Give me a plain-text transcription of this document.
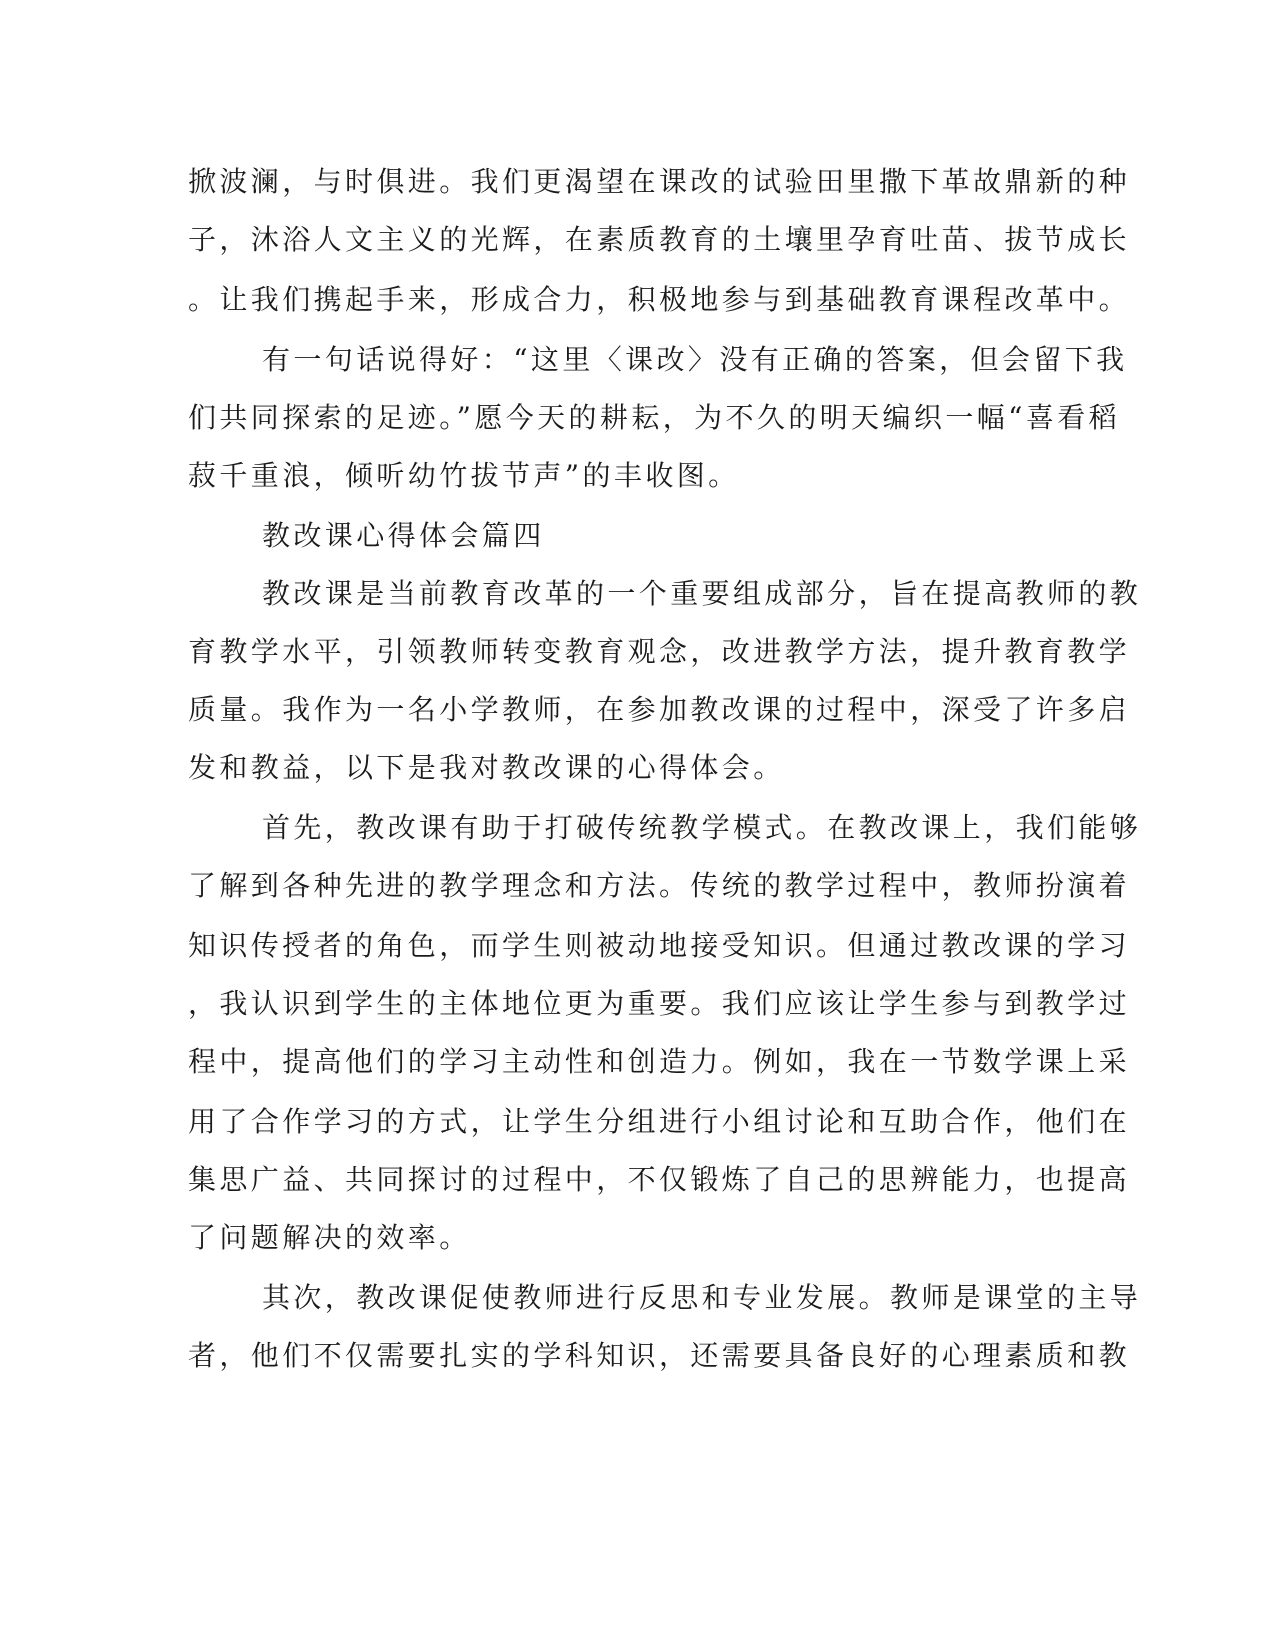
掀波澜，与时俱进。我们更渴望在课改的试验田里撒下革故鼎新的种
子，沐浴人文主义的光辉，在素质教育的土壤里孕育吐苗、拔节成长
。让我们携起手来，形成合力，积极地参与到基础教育课程改革中。
有一句话说得好：“这里〈课改〉没有正确的答案，但会留下我
们共同探索的足迹。”愿今天的耕耘，为不久的明天编织一幅“喜看稻
菽千重浪，倾听幼竹拔节声”的丰收图。
教改课心得体会篇四
教改课是当前教育改革的一个重要组成部分，旨在提高教师的教
育教学水平，引领教师转变教育观念，改进教学方法，提升教育教学
质量。我作为一名小学教师，在参加教改课的过程中，深受了许多启
发和教益，以下是我对教改课的心得体会。
首先，教改课有助于打破传统教学模式。在教改课上，我们能够
了解到各种先进的教学理念和方法。传统的教学过程中，教师扮演着
知识传授者的角色，而学生则被动地接受知识。但通过教改课的学习
，我认识到学生的主体地位更为重要。我们应该让学生参与到教学过
程中，提高他们的学习主动性和创造力。例如，我在一节数学课上采
用了合作学习的方式，让学生分组进行小组讨论和互助合作，他们在
集思广益、共同探讨的过程中，不仅锻炼了自己的思辨能力，也提高
了问题解决的效率。
其次，教改课促使教师进行反思和专业发展。教师是课堂的主导
者，他们不仅需要扎实的学科知识，还需要具备良好的心理素质和教
